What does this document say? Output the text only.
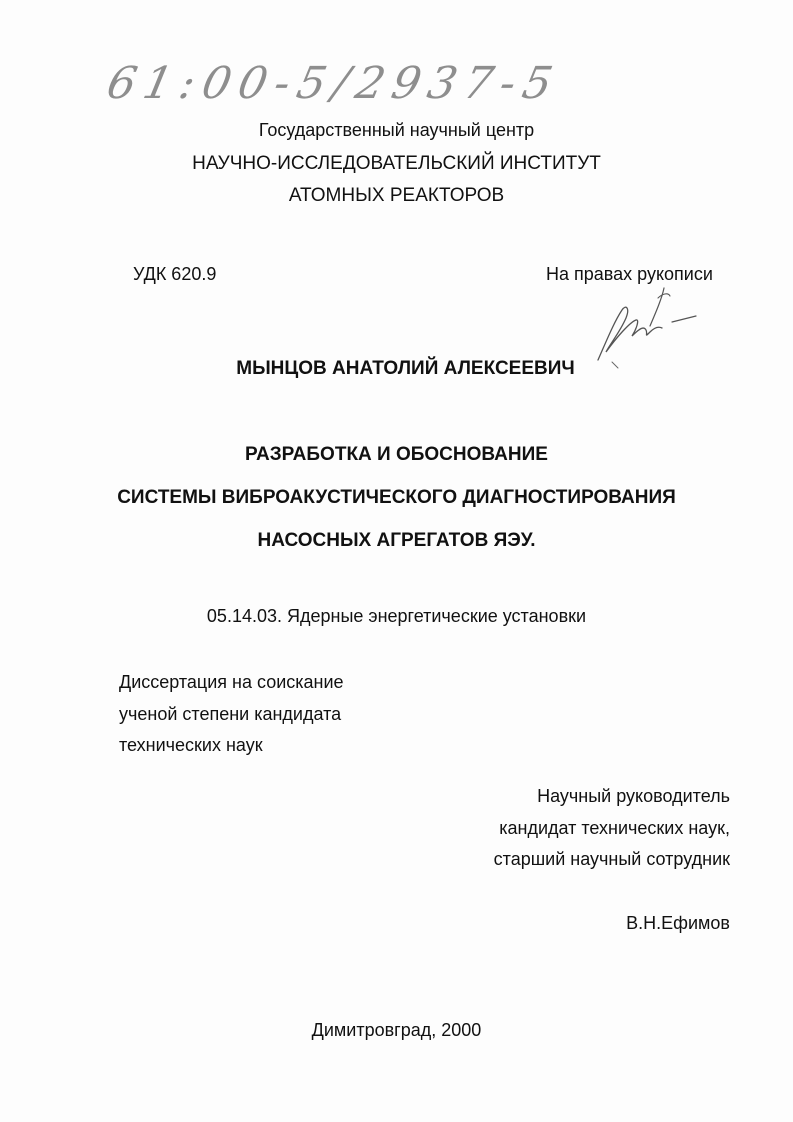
61:00-5/2937-5
Государственный научный центр
НАУЧНО-ИССЛЕДОВАТЕЛЬСКИЙ ИНСТИТУТ
АТОМНЫХ РЕАКТОРОВ
УДК 620.9	На правах рукописи
МЫНЦОВ АНАТОЛИЙ АЛЕКСЕЕВИЧ
РАЗРАБОТКА И ОБОСНОВАНИЕ
СИСТЕМЫ ВИБРОАКУСТИЧЕСКОГО ДИАГНОСТИРОВАНИЯ
НАСОСНЫХ АГРЕГАТОВ ЯЭУ.
05.14.03. Ядерные энергетические установки
Диссертация на соискание
ученой степени кандидата
технических наук
Научный руководитель
кандидат технических наук,
старший научный сотрудник
В.Н.Ефимов
Димитровград, 2000
